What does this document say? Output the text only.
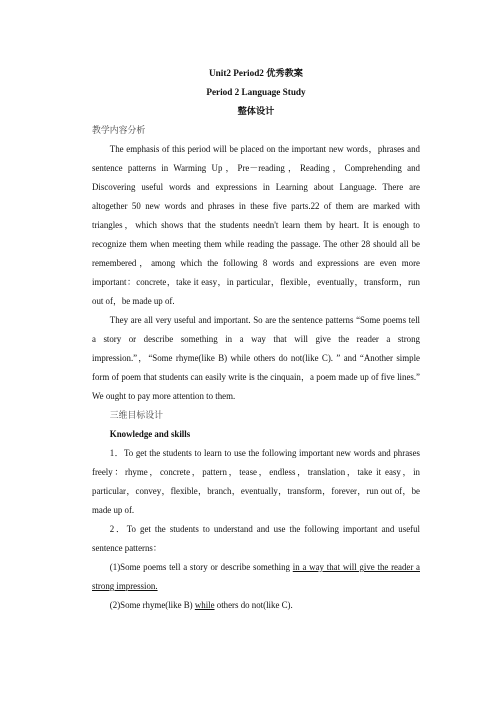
Unit2 Period2 优秀教案
Period 2 Language Study
整体设计

教学内容分析

The emphasis of this period will be placed on the important new words，phrases and sentence patterns in Warming Up，Pre－reading，Reading，Comprehending and Discovering useful words and expressions in Learning about Language. There are altogether 50 new words and phrases in these five parts.22 of them are marked with triangles，which shows that the students needn't learn them by heart. It is enough to recognize them when meeting them while reading the passage. The other 28 should all be remembered，among which the following 8 words and expressions are even more important：concrete，take it easy，in particular，flexible，eventually，transform，run out of，be made up of.

They are all very useful and important. So are the sentence patterns “Some poems tell a story or describe something in a way that will give the reader a strong impression.”，“Some rhyme(like B) while others do not(like C). ” and “Another simple form of poem that students can easily write is the cinquain，a poem made up of five lines.” We ought to pay more attention to them.

三维目标设计

Knowledge and skills

1．To get the students to learn to use the following important new words and phrases freely：rhyme，concrete，pattern，tease，endless，translation，take it easy，in particular，convey，flexible，branch，eventually，transform，forever，run out of，be made up of.

2．To get the students to understand and use the following important and useful sentence patterns：

(1)Some poems tell a story or describe something in a way that will give the reader a strong impression.

(2)Some rhyme(like B) while others do not(like C).
